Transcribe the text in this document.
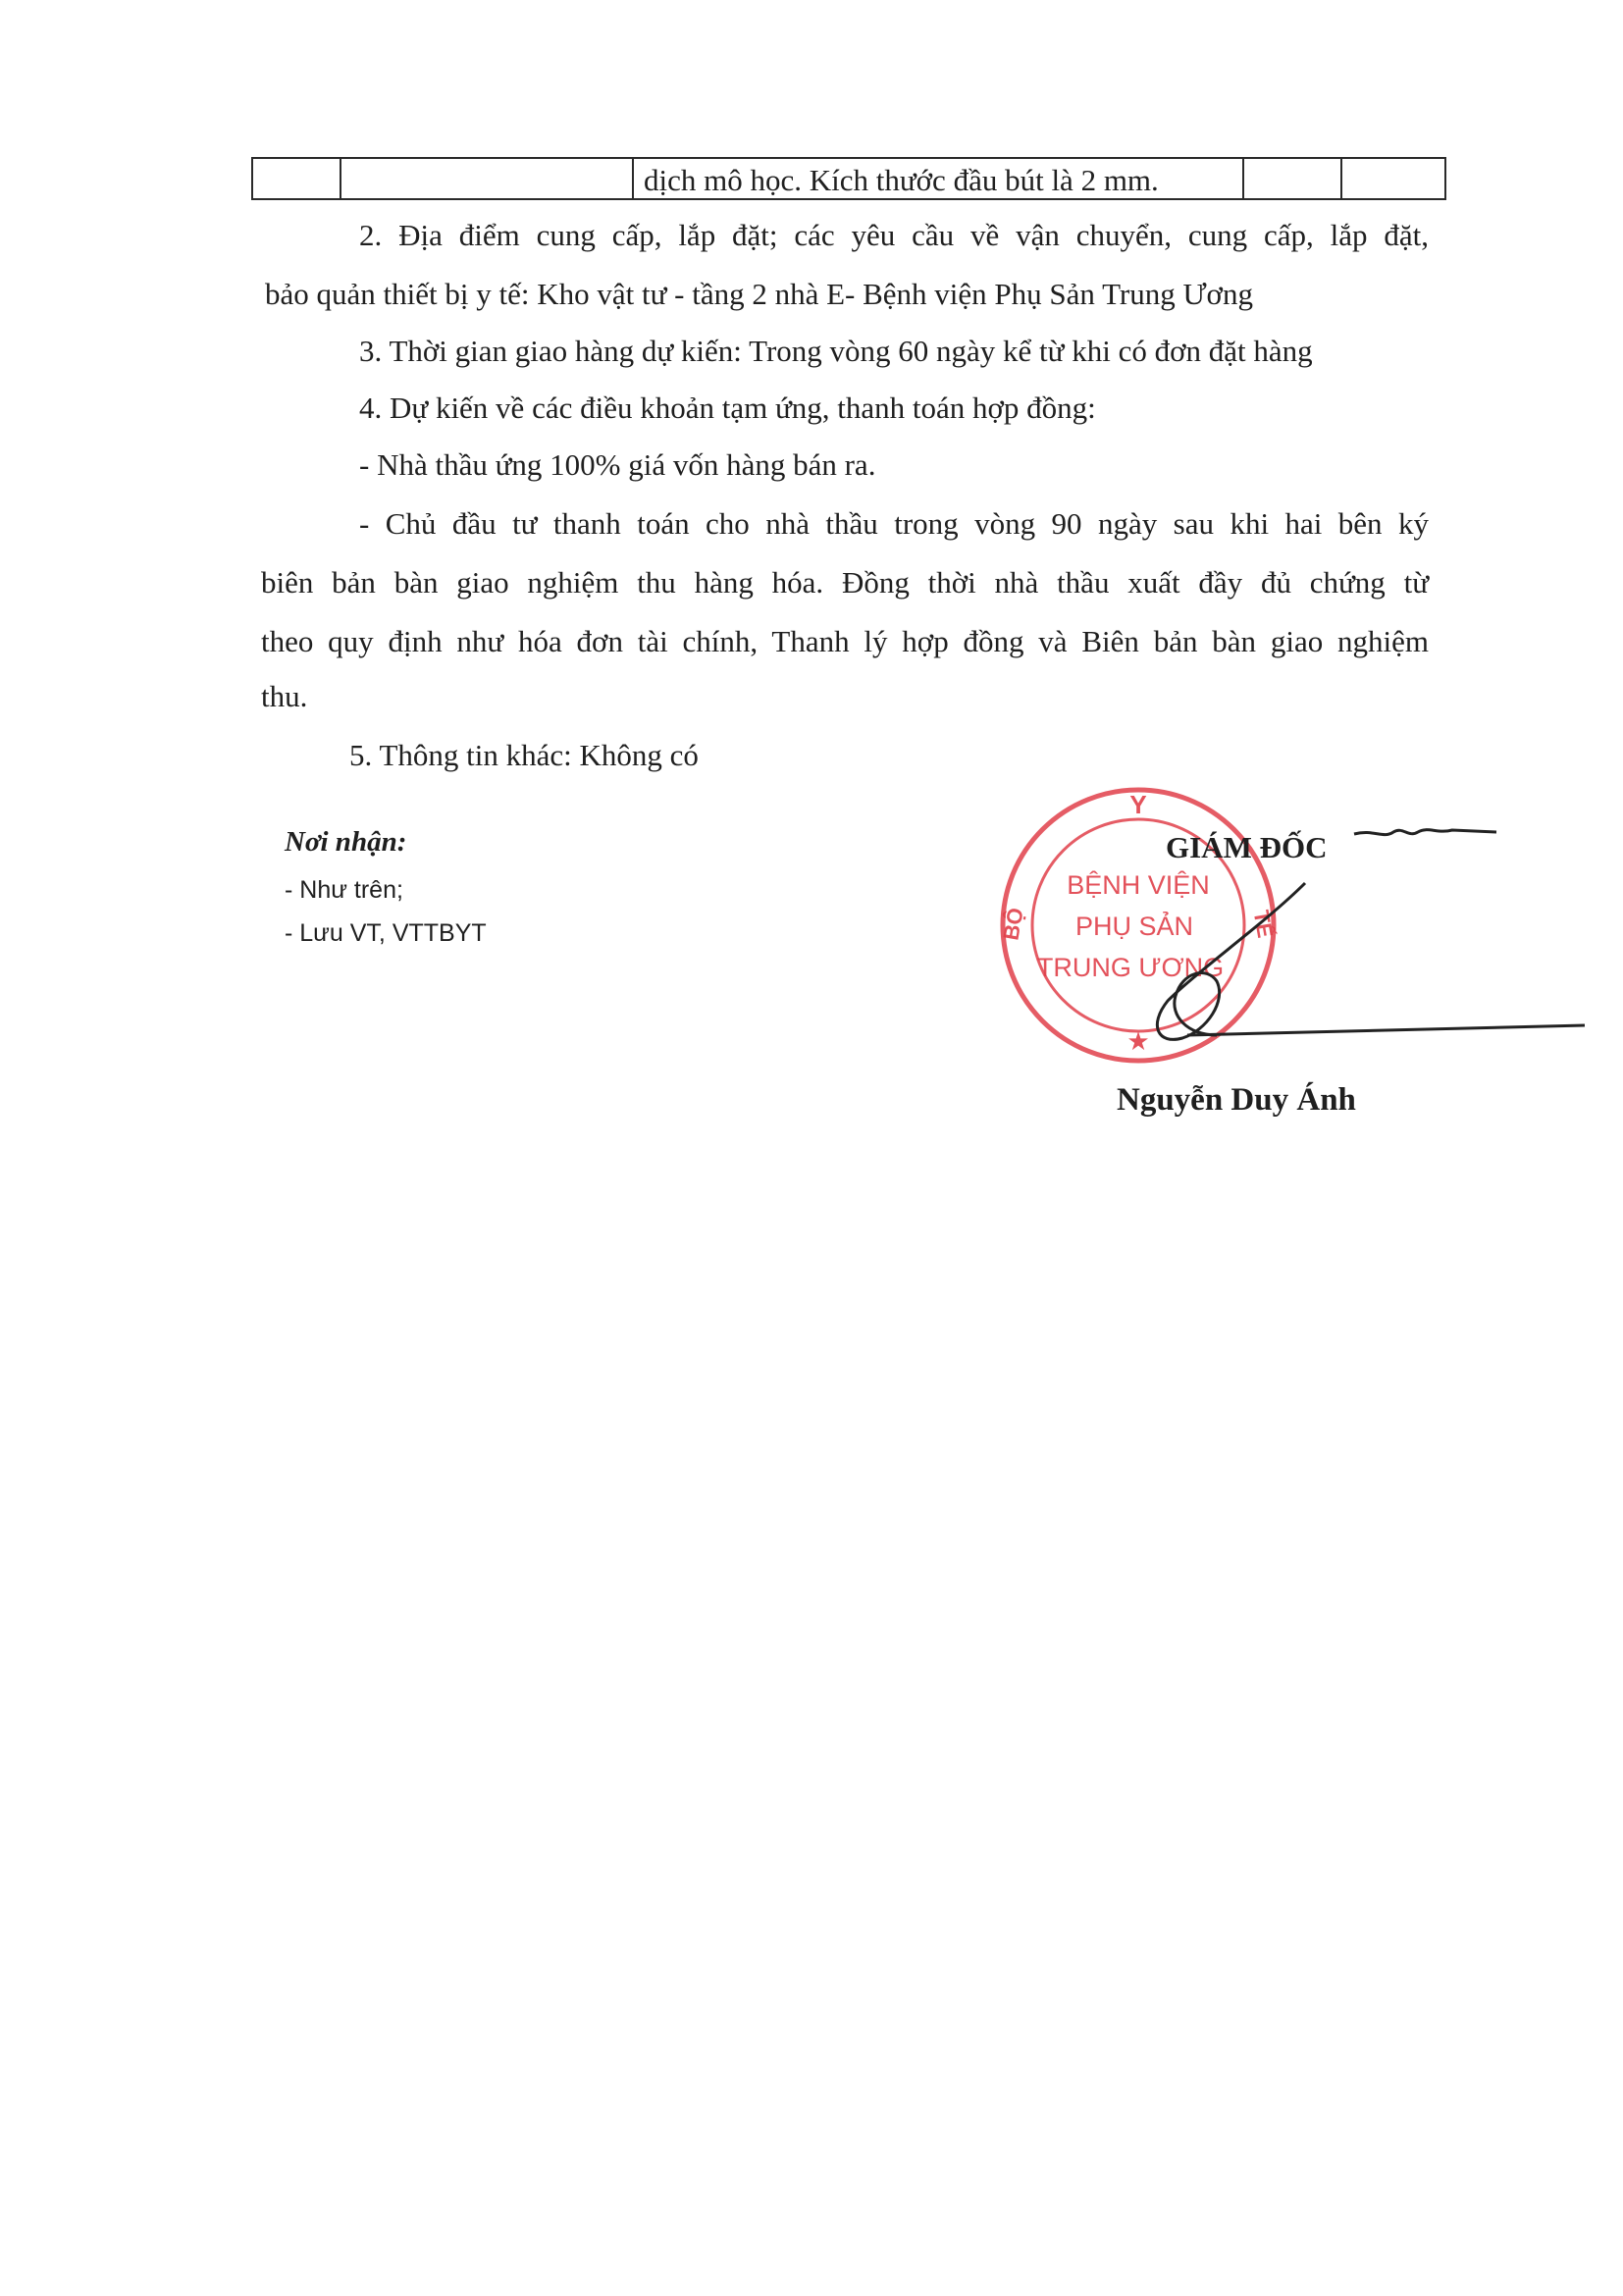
dịch mô học. Kích thước đầu bút là 2 mm.
2. Địa điểm cung cấp, lắp đặt; các yêu cầu về vận chuyển, cung cấp, lắp đặt,
bảo quản thiết bị y tế: Kho vật tư - tầng 2 nhà E- Bệnh viện Phụ Sản Trung Ương
3. Thời gian giao hàng dự kiến: Trong vòng 60 ngày kể từ khi có đơn đặt hàng
4. Dự kiến về các điều khoản tạm ứng, thanh toán hợp đồng:
- Nhà thầu ứng 100% giá vốn hàng bán ra.
- Chủ đầu tư thanh toán cho nhà thầu trong vòng 90 ngày sau khi hai bên ký
biên bản bàn giao nghiệm thu hàng hóa. Đồng thời nhà thầu xuất đầy đủ chứng từ
theo quy định như hóa đơn tài chính, Thanh lý hợp đồng và Biên bản bàn giao nghiệm
thu.
5. Thông tin khác: Không có
Nơi nhận:
- Như trên;
- Lưu VT, VTTBYT
Y
BỘ	TẾ
BỆNH VIỆN
PHỤ SẢN
TRUNG ƯƠNG
★
GIÁM ĐỐC
Nguyễn Duy Ánh
